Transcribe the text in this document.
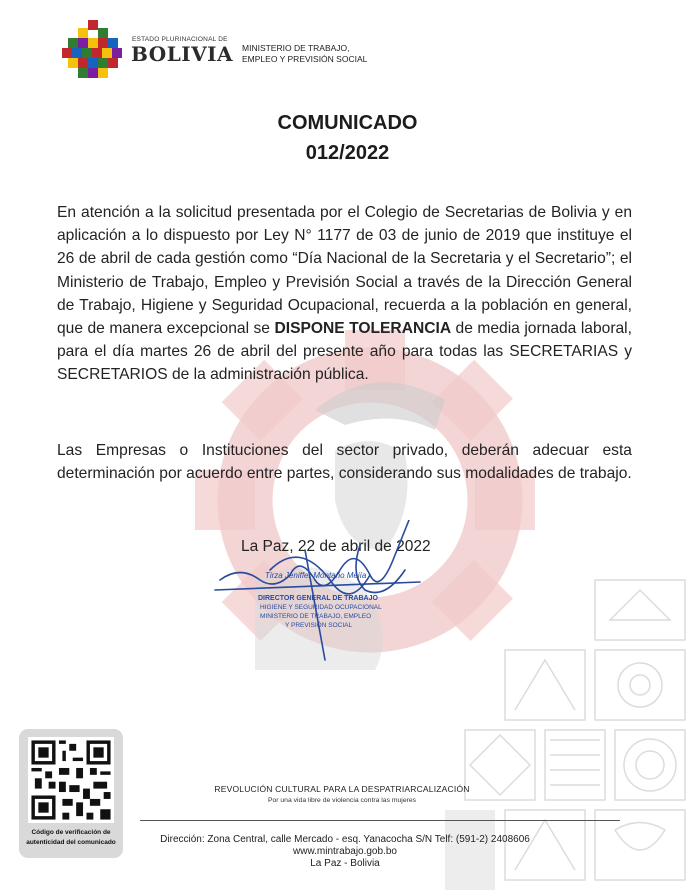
ESTADO PLURINACIONAL DE
BOLIVIA MINISTERIO DE TRABAJO,
EMPLEO Y PREVISIÓN SOCIAL
COMUNICADO
012/2022
En atención a la solicitud presentada por el Colegio de Secretarias de Bolivia y en aplicación a lo dispuesto por Ley N° 1177 de 03 de junio de 2019 que instituye el 26 de abril de cada gestión como “Día Nacional de la Secretaria y el Secretario”; el Ministerio de Trabajo, Empleo y Previsión Social a través de la Dirección General de Trabajo, Higiene y Seguridad Ocupacional, recuerda a la población en general, que de manera excepcional se DISPONE TOLERANCIA de media jornada laboral, para el día martes 26 de abril del presente año para todas las SECRETARIAS y SECRETARIOS de la administración pública.
Las Empresas o Instituciones del sector privado, deberán adecuar esta determinación por acuerdo entre partes, considerando sus modalidades de trabajo.
La Paz, 22 de abril de 2022
Tirza Jeniffer Montaño Mejía
DIRECTOR GENERAL DE TRABAJO
HIGIENE Y SEGURIDAD OCUPACIONAL
MINISTERIO DE TRABAJO, EMPLEO
Y PREVISIÓN SOCIAL
Código de verificación de
autenticidad del comunicado
REVOLUCIÓN CULTURAL PARA LA DESPATRIARCALIZACIÓN
Por una vida libre de violencia contra las mujeres
Dirección: Zona Central, calle Mercado - esq. Yanacocha S/N Telf: (591-2) 2408606
www.mintrabajo.gob.bo
La Paz - Bolivia
